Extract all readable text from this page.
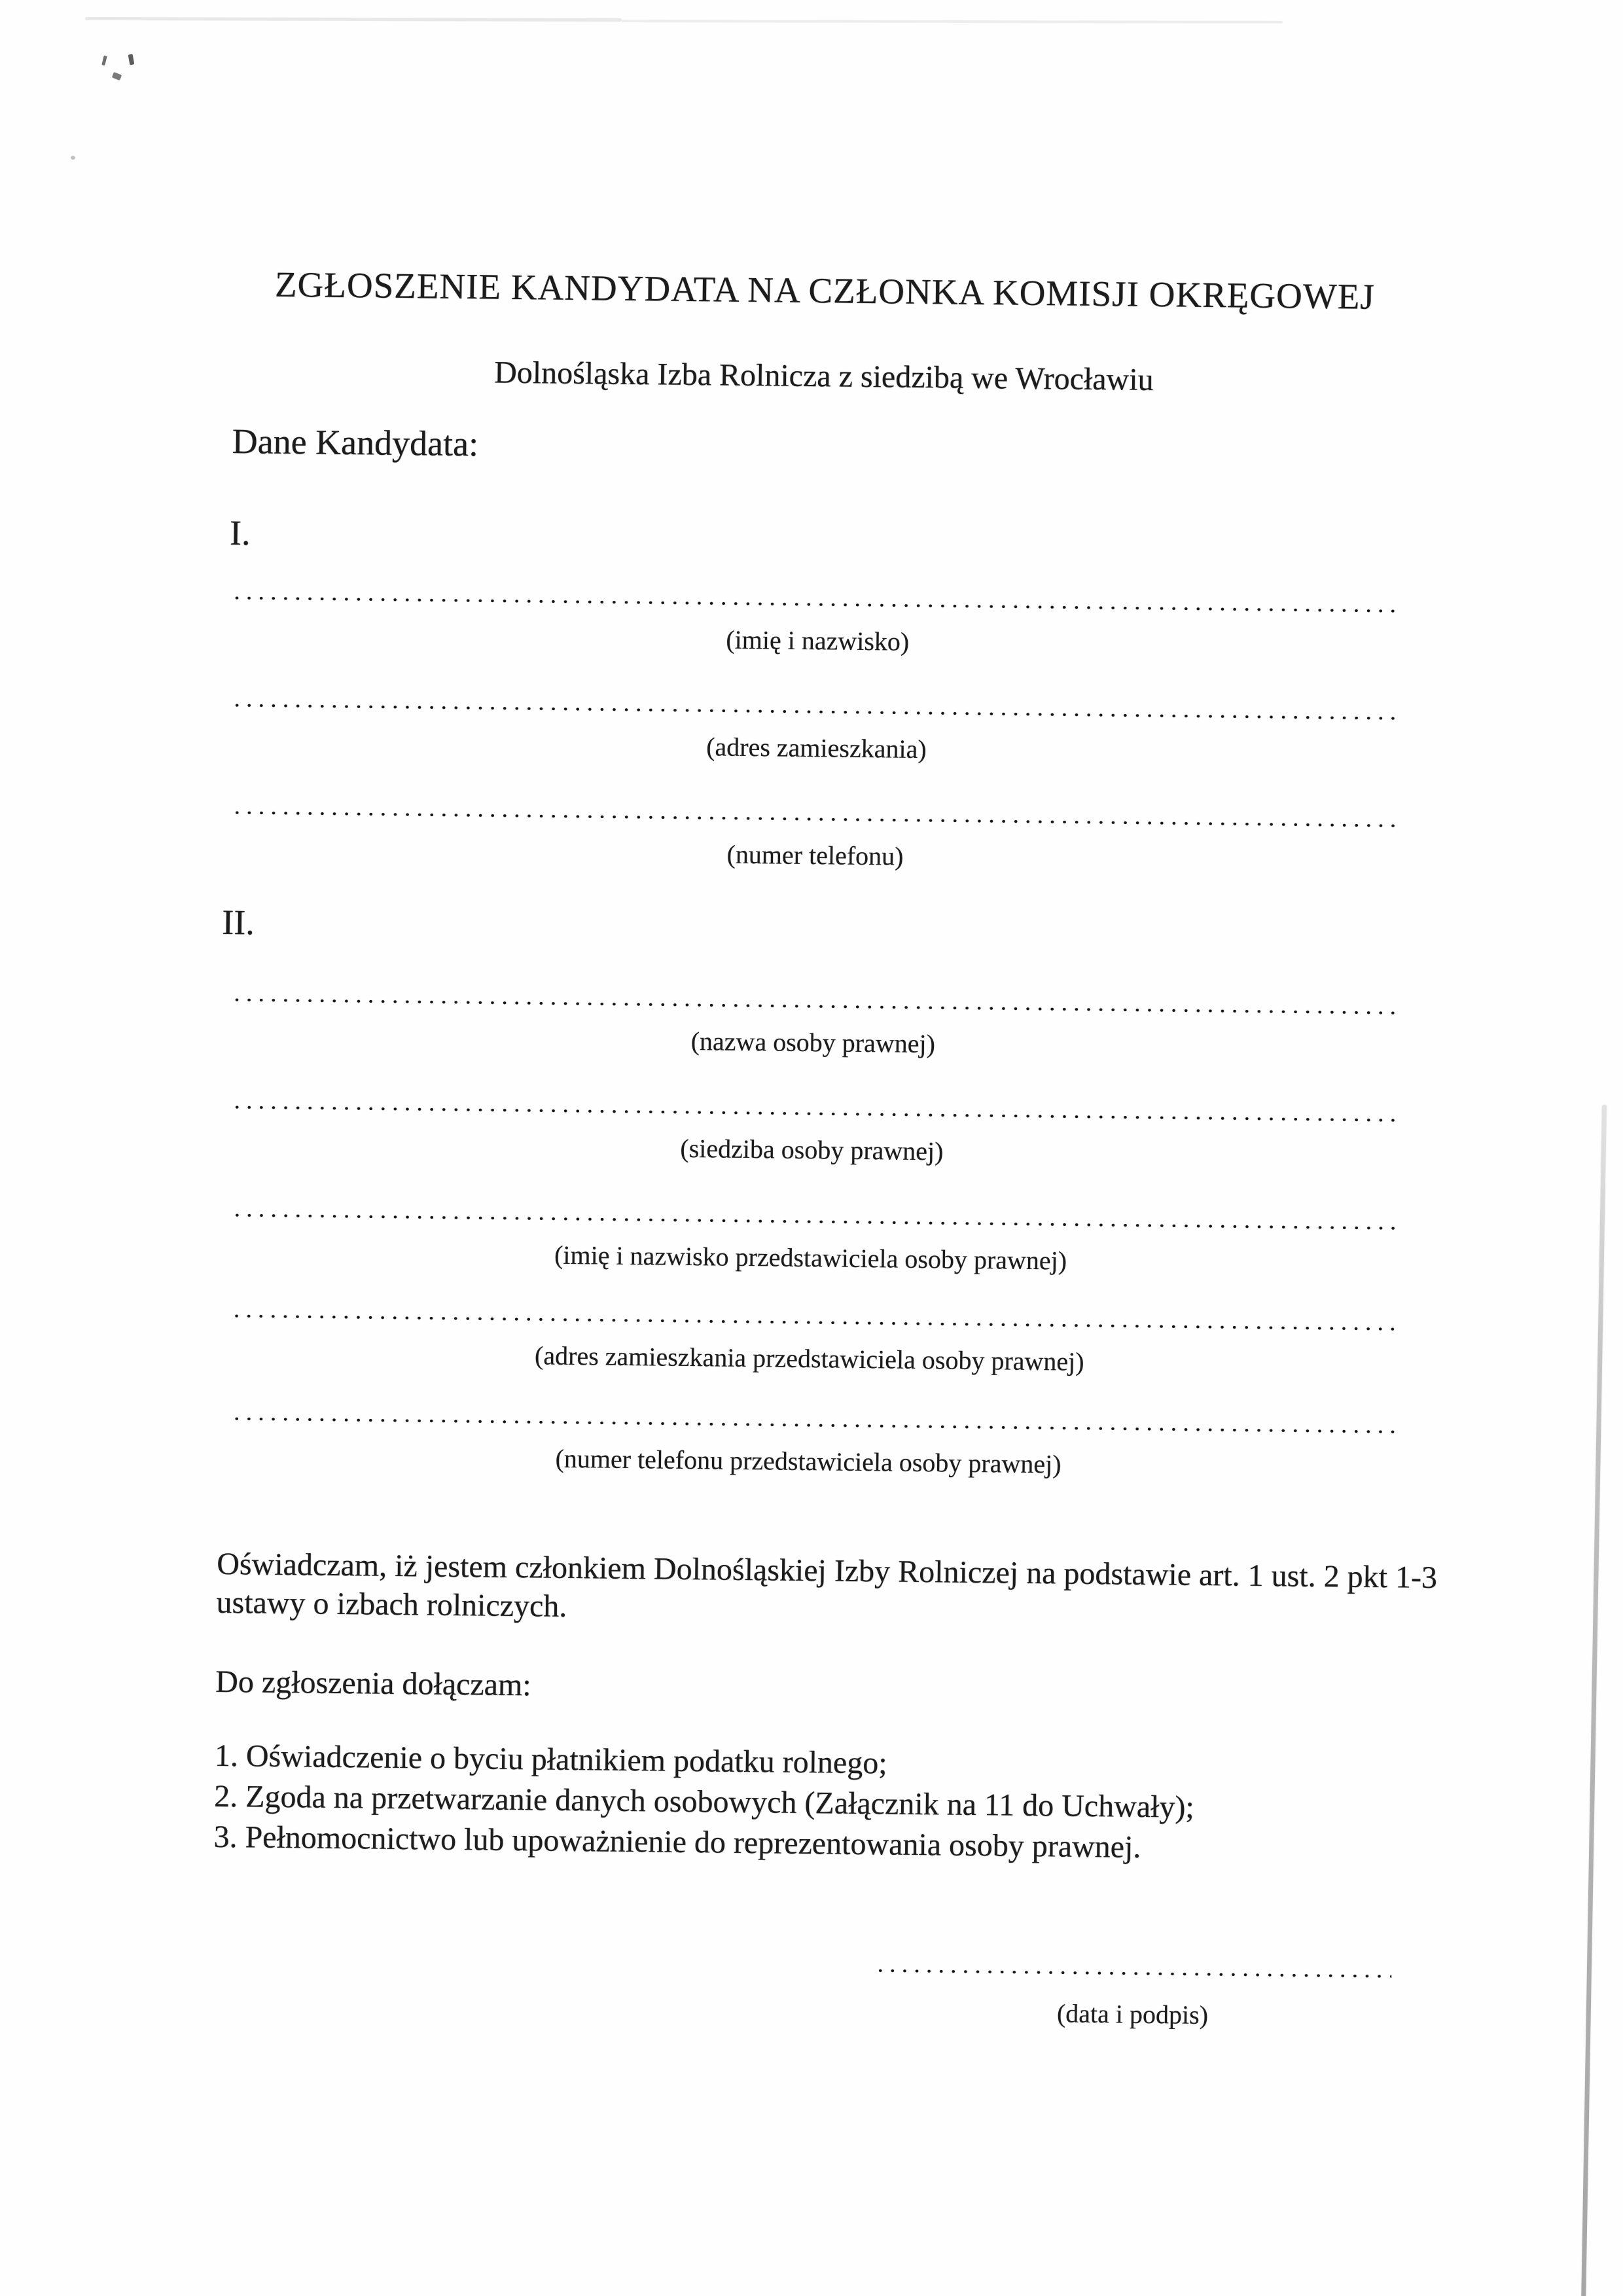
ZGŁOSZENIE KANDYDATA NA CZŁONKA KOMISJI OKRĘGOWEJ
Dolnośląska Izba Rolnicza z siedzibą we Wrocławiu
Dane Kandydata:
I.
(imię i nazwisko)
(adres zamieszkania)
(numer telefonu)
II.
(nazwa osoby prawnej)
(siedziba osoby prawnej)
(imię i nazwisko przedstawiciela osoby prawnej)
(adres zamieszkania przedstawiciela osoby prawnej)
(numer telefonu przedstawiciela osoby prawnej)
Oświadczam, iż jestem członkiem Dolnośląskiej Izby Rolniczej na podstawie art. 1 ust. 2 pkt 1-3 ustawy o izbach rolniczych.
Do zgłoszenia dołączam:
1. Oświadczenie o byciu płatnikiem podatku rolnego;
2. Zgoda na przetwarzanie danych osobowych (Załącznik na 11 do Uchwały);
3. Pełnomocnictwo lub upoważnienie do reprezentowania osoby prawnej.
(data i podpis)
